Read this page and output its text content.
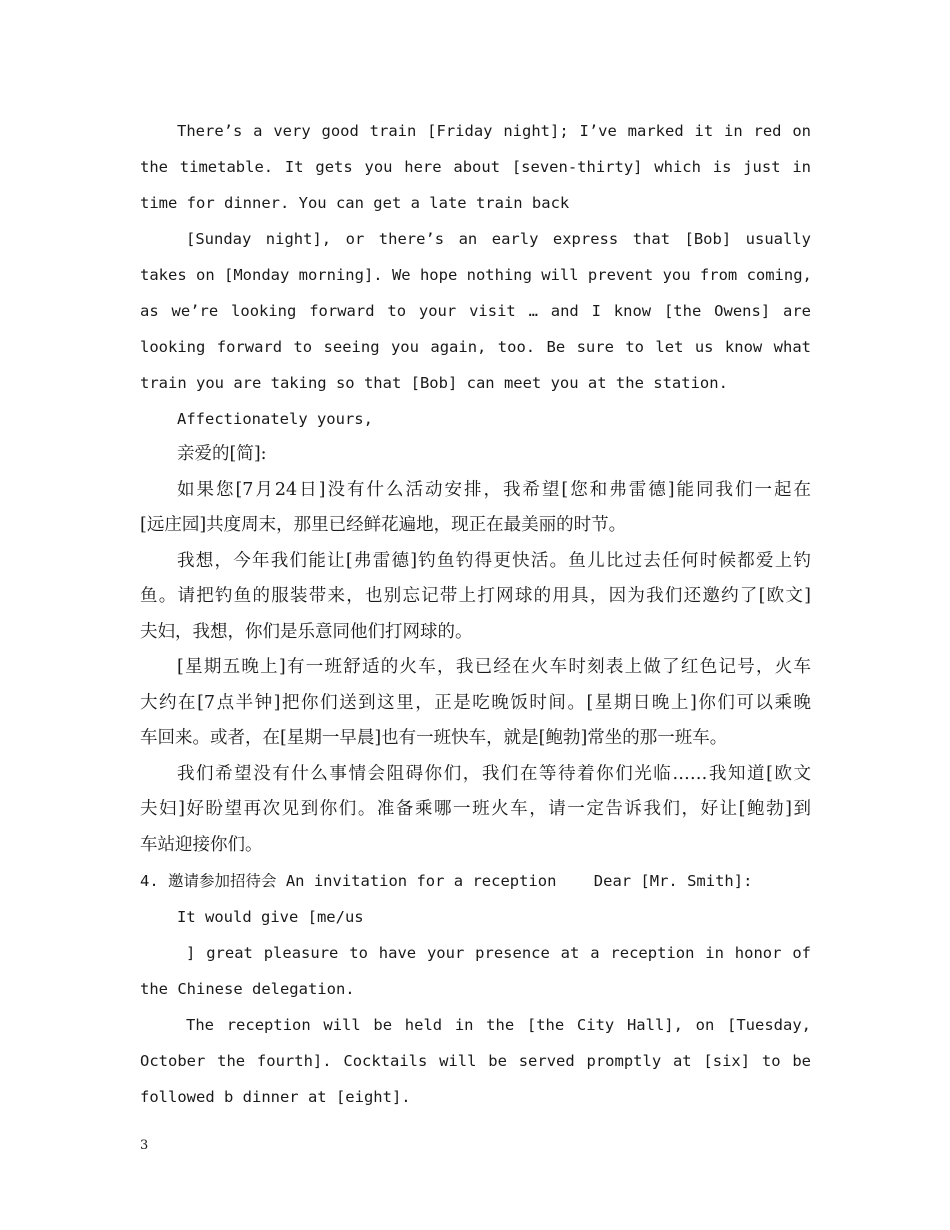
There’s a very good train [Friday night]; I’ve marked it in red on

the timetable. It gets you here about [seven-thirty] which is just in

time for dinner. You can get a late train back

[Sunday night], or there’s an early express that [Bob] usually

takes on [Monday morning]. We hope nothing will prevent you from coming,

as we’re looking forward to your visit … and I know [the Owens] are

looking forward to seeing you again, too. Be sure to let us know what

train you are taking so that [Bob] can meet you at the station.

Affectionately yours,

亲爱的[简]:

如果您[7月24日]没有什么活动安排，我希望[您和弗雷德]能同我们一起在

[远庄园]共度周末，那里已经鲜花遍地，现正在最美丽的时节。

我想，今年我们能让[弗雷德]钓鱼钓得更快活。鱼儿比过去任何时候都爱上钓

鱼。请把钓鱼的服装带来，也别忘记带上打网球的用具，因为我们还邀约了[欧文]

夫妇，我想，你们是乐意同他们打网球的。

[星期五晚上]有一班舒适的火车，我已经在火车时刻表上做了红色记号，火车

大约在[7点半钟]把你们送到这里，正是吃晚饭时间。[星期日晚上]你们可以乘晚

车回来。或者，在[星期一早晨]也有一班快车，就是[鲍勃]常坐的那一班车。

我们希望没有什么事情会阻碍你们，我们在等待着你们光临……我知道[欧文

夫妇]好盼望再次见到你们。准备乘哪一班火车，请一定告诉我们，好让[鲍勃]到

车站迎接你们。

4. 邀请参加招待会 An invitation for a reception    Dear [Mr. Smith]:

It would give [me/us

] great pleasure to have your presence at a reception in honor of

the Chinese delegation.

The reception will be held in the [the City Hall], on [Tuesday,

October the fourth]. Cocktails will be served promptly at [six] to be

followed b dinner at [eight].

3
